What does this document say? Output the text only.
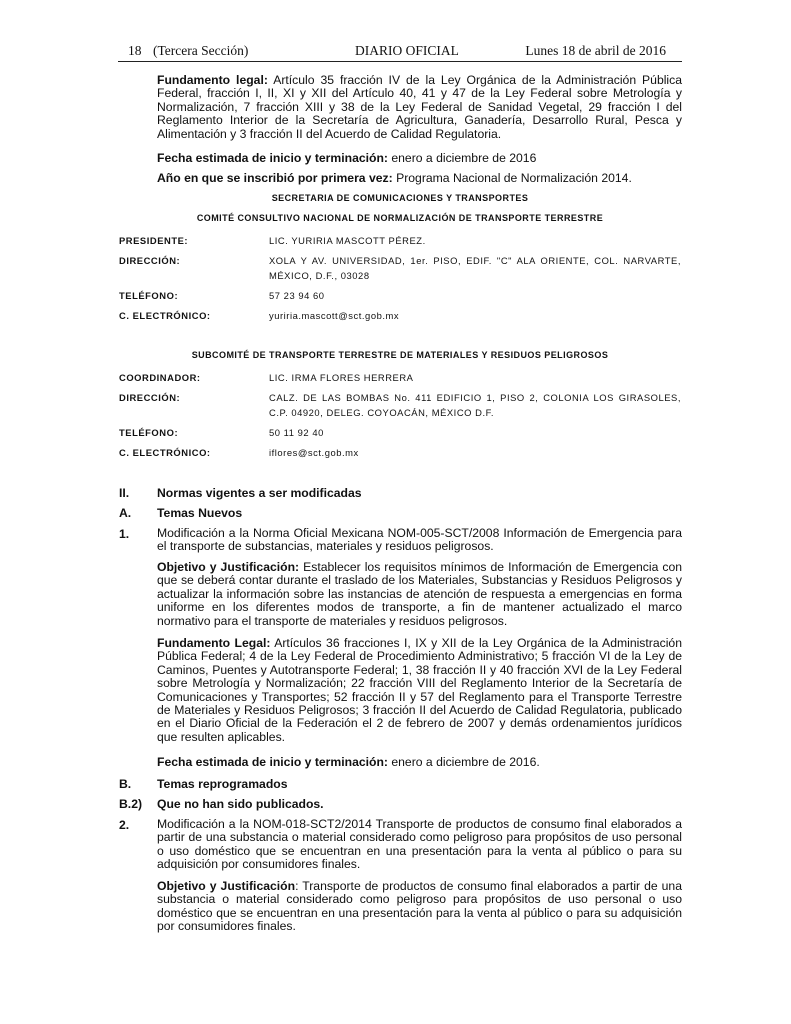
18 (Tercera Sección)	DIARIO OFICIAL	Lunes 18 de abril de 2016

Fundamento legal: Artículo 35 fracción IV de la Ley Orgánica de la Administración Pública Federal, fracción I, II, XI y XII del Artículo 40, 41 y 47 de la Ley Federal sobre Metrología y Normalización, 7 fracción XIII y 38 de la Ley Federal de Sanidad Vegetal, 29 fracción I del Reglamento Interior de la Secretaría de Agricultura, Ganadería, Desarrollo Rural, Pesca y Alimentación y 3 fracción II del Acuerdo de Calidad Regulatoria.

Fecha estimada de inicio y terminación: enero a diciembre de 2016

Año en que se inscribió por primera vez: Programa Nacional de Normalización 2014.

SECRETARIA DE COMUNICACIONES Y TRANSPORTES
COMITÉ CONSULTIVO NACIONAL DE NORMALIZACIÓN DE TRANSPORTE TERRESTRE
PRESIDENTE:	LIC. YURIRIA MASCOTT PÉREZ.
DIRECCIÓN:	XOLA Y AV. UNIVERSIDAD, 1er. PISO, EDIF. "C" ALA ORIENTE, COL. NARVARTE, MÉXICO, D.F., 03028
TELÉFONO:	57 23 94 60
C. ELECTRÓNICO:	yuriria.mascott@sct.gob.mx
SUBCOMITÉ DE TRANSPORTE TERRESTRE DE MATERIALES Y RESIDUOS PELIGROSOS
COORDINADOR:	LIC. IRMA FLORES HERRERA
DIRECCIÓN:	CALZ. DE LAS BOMBAS No. 411 EDIFICIO 1, PISO 2, COLONIA LOS GIRASOLES, C.P. 04920, DELEG. COYOACÁN, MÉXICO D.F.
TELÉFONO:	50 11 92 40
C. ELECTRÓNICO:	iflores@sct.gob.mx
II. Normas vigentes a ser modificadas
A. Temas Nuevos
1. Modificación a la Norma Oficial Mexicana NOM-005-SCT/2008 Información de Emergencia para el transporte de substancias, materiales y residuos peligrosos.

Objetivo y Justificación: Establecer los requisitos mínimos de Información de Emergencia con que se deberá contar durante el traslado de los Materiales, Substancias y Residuos Peligrosos y actualizar la información sobre las instancias de atención de respuesta a emergencias en forma uniforme en los diferentes modos de transporte, a fin de mantener actualizado el marco normativo para el transporte de materiales y residuos peligrosos.

Fundamento Legal: Artículos 36 fracciones I, IX y XII de la Ley Orgánica de la Administración Pública Federal; 4 de la Ley Federal de Procedimiento Administrativo; 5 fracción VI de la Ley de Caminos, Puentes y Autotransporte Federal; 1, 38 fracción II y 40 fracción XVI de la Ley Federal sobre Metrología y Normalización; 22 fracción VIII del Reglamento Interior de la Secretaría de Comunicaciones y Transportes; 52 fracción II y 57 del Reglamento para el Transporte Terrestre de Materiales y Residuos Peligrosos; 3 fracción II del Acuerdo de Calidad Regulatoria, publicado en el Diario Oficial de la Federación el 2 de febrero de 2007 y demás ordenamientos jurídicos que resulten aplicables.

Fecha estimada de inicio y terminación: enero a diciembre de 2016.

B. Temas reprogramados
B.2) Que no han sido publicados.
2. Modificación a la NOM-018-SCT2/2014 Transporte de productos de consumo final elaborados a partir de una substancia o material considerado como peligroso para propósitos de uso personal o uso doméstico que se encuentran en una presentación para la venta al público o para su adquisición por consumidores finales.

Objetivo y Justificación: Transporte de productos de consumo final elaborados a partir de una substancia o material considerado como peligroso para propósitos de uso personal o uso doméstico que se encuentran en una presentación para la venta al público o para su adquisición por consumidores finales.
